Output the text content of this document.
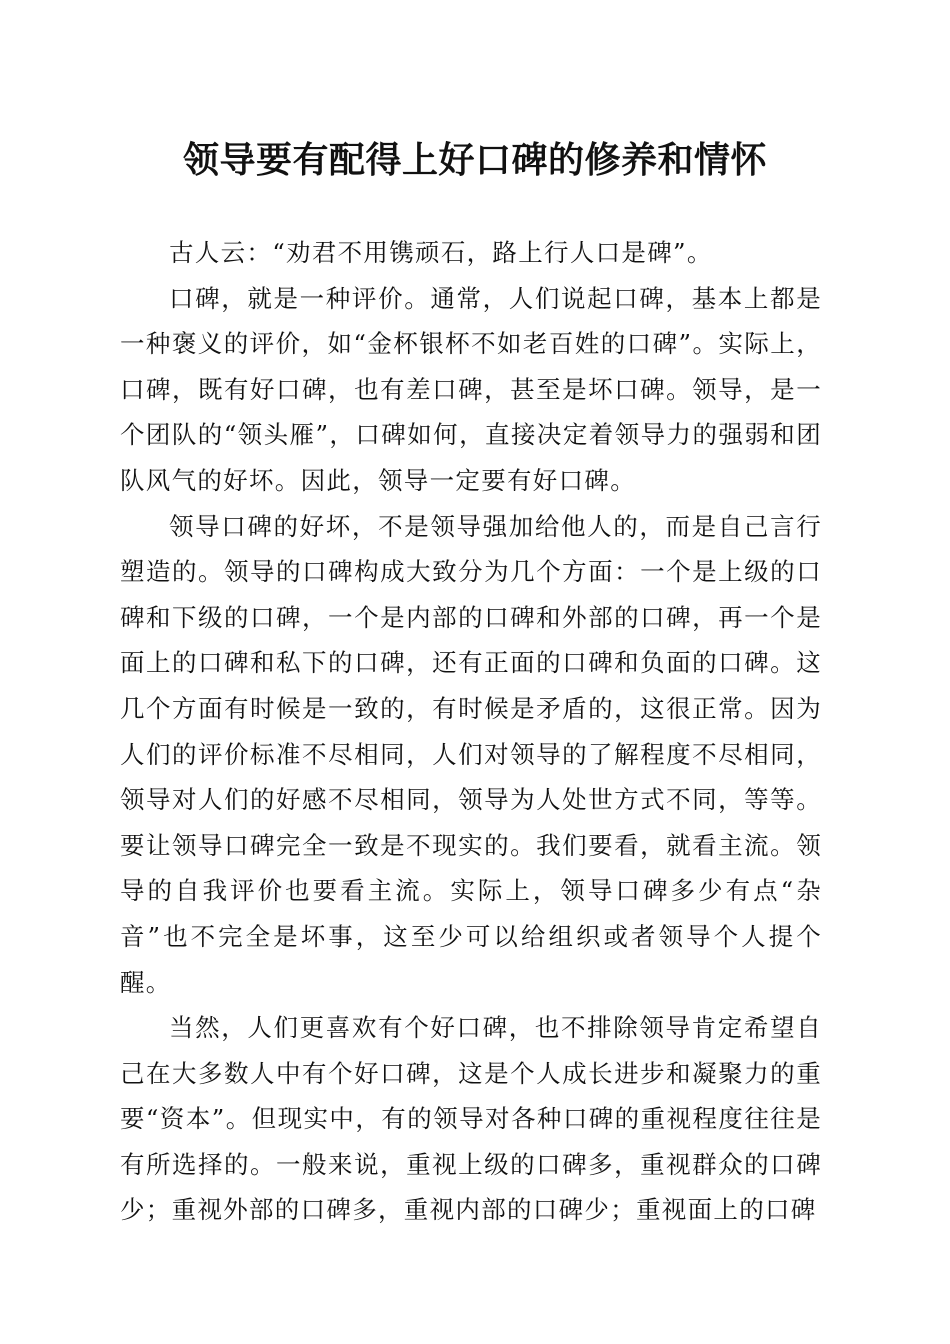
领导要有配得上好口碑的修养和情怀

古人云：“劝君不用镌顽石，路上行人口是碑”。

口碑，就是一种评价。通常，人们说起口碑，基本上都是一种褒义的评价，如“金杯银杯不如老百姓的口碑”。实际上，口碑，既有好口碑，也有差口碑，甚至是坏口碑。领导，是一个团队的“领头雁”，口碑如何，直接决定着领导力的强弱和团队风气的好坏。因此，领导一定要有好口碑。

领导口碑的好坏，不是领导强加给他人的，而是自己言行塑造的。领导的口碑构成大致分为几个方面：一个是上级的口碑和下级的口碑，一个是内部的口碑和外部的口碑，再一个是面上的口碑和私下的口碑，还有正面的口碑和负面的口碑。这几个方面有时候是一致的，有时候是矛盾的，这很正常。因为人们的评价标准不尽相同，人们对领导的了解程度不尽相同，领导对人们的好感不尽相同，领导为人处世方式不同，等等。要让领导口碑完全一致是不现实的。我们要看，就看主流。领导的自我评价也要看主流。实际上，领导口碑多少有点“杂音”也不完全是坏事，这至少可以给组织或者领导个人提个醒。

当然，人们更喜欢有个好口碑，也不排除领导肯定希望自己在大多数人中有个好口碑，这是个人成长进步和凝聚力的重要“资本”。但现实中，有的领导对各种口碑的重视程度往往是有所选择的。一般来说，重视上级的口碑多，重视群众的口碑少；重视外部的口碑多，重视内部的口碑少；重视面上的口碑
